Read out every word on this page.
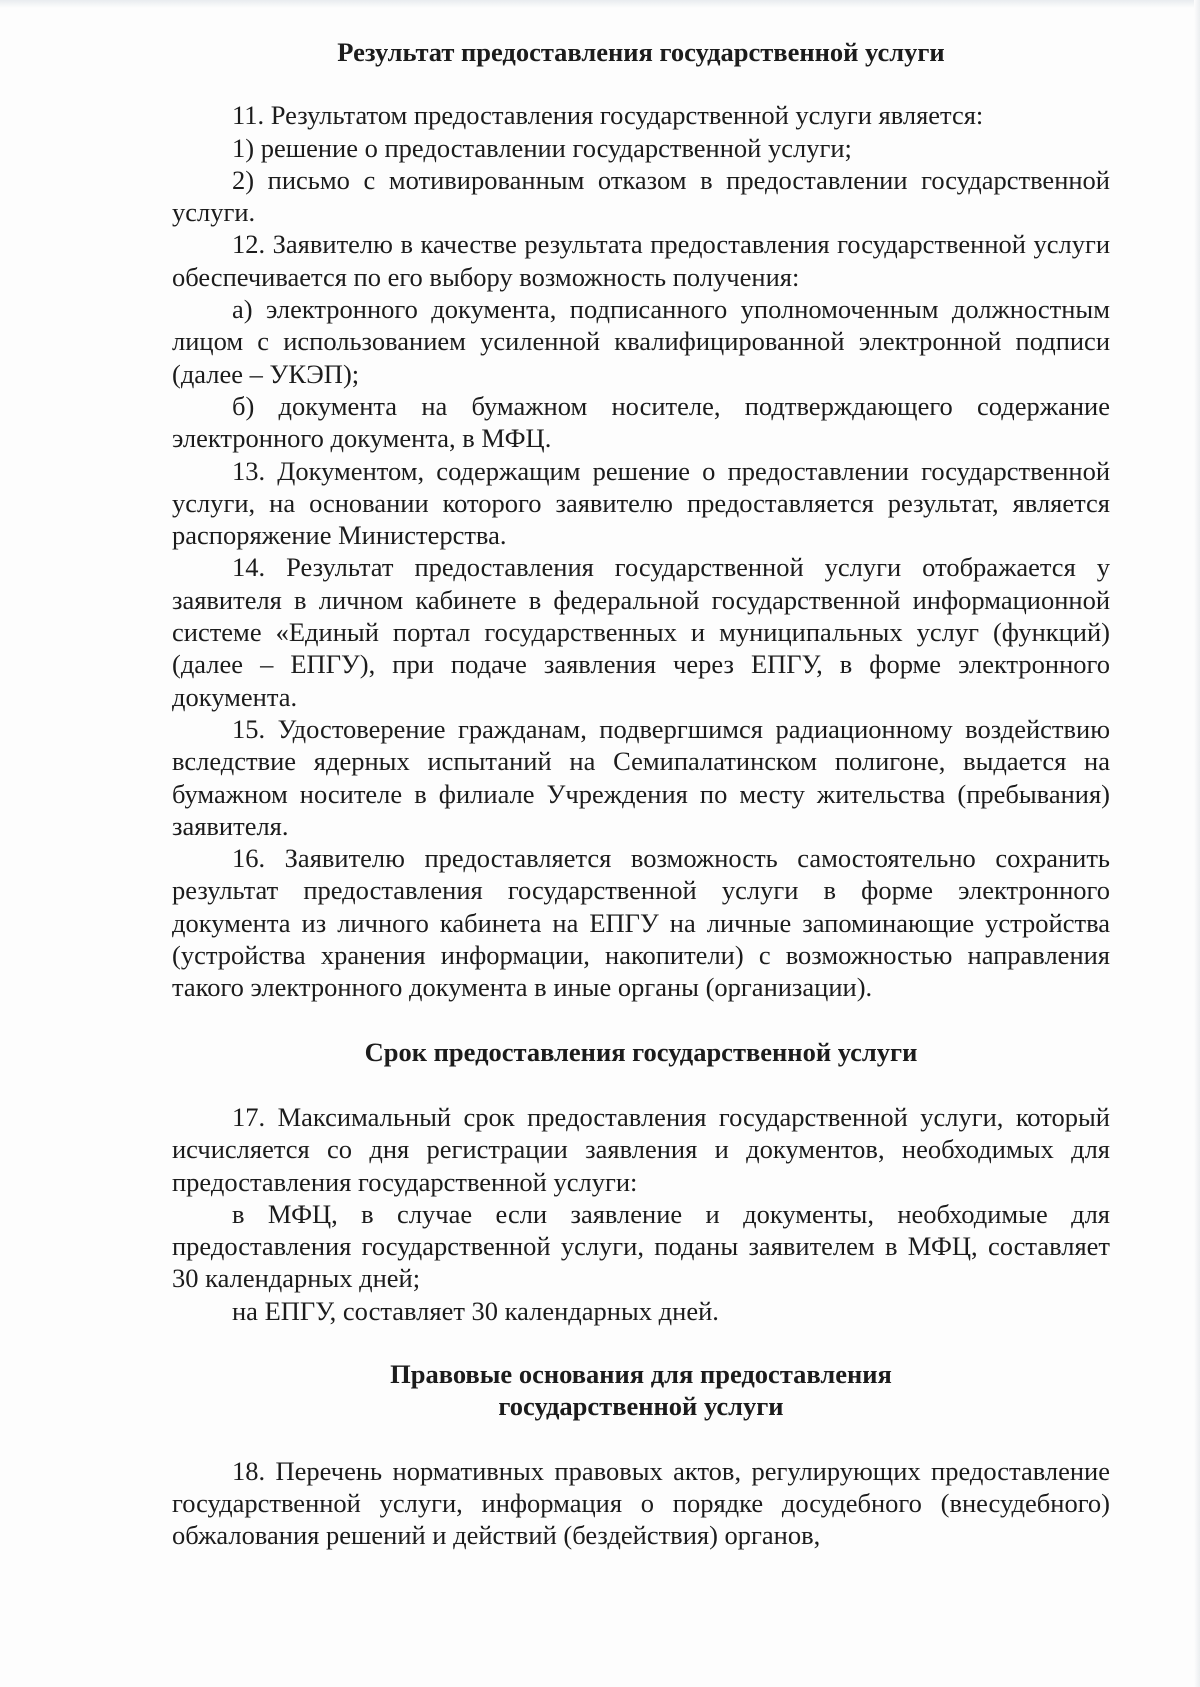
Результат предоставления государственной услуги

11. Результатом предоставления государственной услуги является:

1) решение о предоставлении государственной услуги;

2) письмо с мотивированным отказом в предоставлении государственной услуги.

12. Заявителю в качестве результата предоставления государственной услуги обеспечивается по его выбору возможность получения:

а) электронного документа, подписанного уполномоченным должностным лицом с использованием усиленной квалифицированной электронной подписи (далее – УКЭП);

б) документа на бумажном носителе, подтверждающего содержание электронного документа, в МФЦ.

13. Документом, содержащим решение о предоставлении государственной услуги, на основании которого заявителю предоставляется результат, является распоряжение Министерства.

14. Результат предоставления государственной услуги отображается у заявителя в личном кабинете в федеральной государственной информационной системе «Единый портал государственных и муниципальных услуг (функций) (далее – ЕПГУ), при подаче заявления через ЕПГУ, в форме электронного документа.

15. Удостоверение гражданам, подвергшимся радиационному воздействию вследствие ядерных испытаний на Семипалатинском полигоне, выдается на бумажном носителе в филиале Учреждения по месту жительства (пребывания) заявителя.

16. Заявителю предоставляется возможность самостоятельно сохранить результат предоставления государственной услуги в форме электронного документа из личного кабинета на ЕПГУ на личные запоминающие устройства (устройства хранения информации, накопители) с возможностью направления такого электронного документа в иные органы (организации).

Срок предоставления государственной услуги

17. Максимальный срок предоставления государственной услуги, который исчисляется со дня регистрации заявления и документов, необходимых для предоставления государственной услуги:

в МФЦ, в случае если заявление и документы, необходимые для предоставления государственной услуги, поданы заявителем в МФЦ, составляет 30 календарных дней;

на ЕПГУ, составляет 30 календарных дней.

Правовые основания для предоставления

государственной услуги

18. Перечень нормативных правовых актов, регулирующих предоставление государственной услуги, информация о порядке досудебного (внесудебного) обжалования решений и действий (бездействия) органов,
